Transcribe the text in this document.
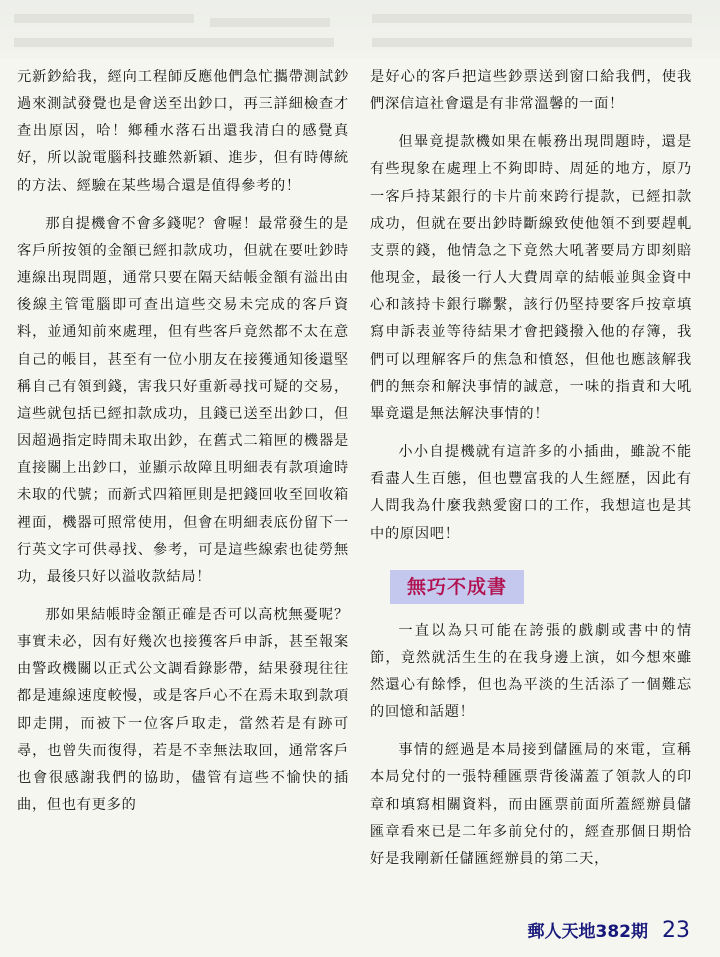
元新鈔給我，經向工程師反應他們急忙攜帶測試鈔過來測試發覺也是會送至出鈔口，再三詳細檢查才查出原因，哈！鄉種水落石出還我清白的感覺真好，所以說電腦科技雖然新穎、進步，但有時傳統的方法、經驗在某些場合還是值得參考的！

那自提機會不會多錢呢？會喔！最常發生的是客戶所按領的金額已經扣款成功，但就在要吐鈔時連線出現問題，通常只要在隔天結帳金額有溢出由後線主管電腦即可查出這些交易未完成的客戶資料，並通知前來處理，但有些客戶竟然都不太在意自己的帳目，甚至有一位小朋友在接獲通知後還堅稱自己有領到錢，害我只好重新尋找可疑的交易，這些就包括已經扣款成功，且錢已送至出鈔口，但因超過指定時間未取出鈔，在舊式二箱匣的機器是直接關上出鈔口，並顯示故障且明細表有款項逾時未取的代號；而新式四箱匣則是把錢回收至回收箱裡面，機器可照常使用，但會在明細表底份留下一行英文字可供尋找、參考，可是這些線索也徒勞無功，最後只好以溢收款結局！

那如果結帳時金額正確是否可以高枕無憂呢？事實未必，因有好幾次也接獲客戶申訴，甚至報案由警政機關以正式公文調看錄影帶，結果發現往往都是連線速度較慢，或是客戶心不在焉未取到款項即走開，而被下一位客戶取走，當然若是有跡可尋，也曾失而復得，若是不幸無法取回，通常客戶也會很感謝我們的協助，儘管有這些不愉快的插曲，但也有更多的

是好心的客戶把這些鈔票送到窗口給我們，使我們深信這社會還是有非常溫馨的一面！

但畢竟提款機如果在帳務出現問題時，還是有些現象在處理上不夠即時、周延的地方，原乃一客戶持某銀行的卡片前來跨行提款，已經扣款成功，但就在要出鈔時斷線致使他領不到要趕軋支票的錢，他情急之下竟然大吼著要局方即刻賠他現金，最後一行人大費周章的結帳並與金資中心和該持卡銀行聯繫，該行仍堅持要客戶按章填寫申訴表並等待結果才會把錢撥入他的存簿，我們可以理解客戶的焦急和憤怒，但他也應該解我們的無奈和解決事情的誠意，一味的指責和大吼畢竟還是無法解決事情的！

小小自提機就有這許多的小插曲，雖說不能看盡人生百態，但也豐富我的人生經歷，因此有人問我為什麼我熱愛窗口的工作，我想這也是其中的原因吧！

無巧不成書

一直以為只可能在誇張的戲劇或書中的情節，竟然就活生生的在我身邊上演，如今想來雖然還心有餘悸，但也為平淡的生活添了一個難忘的回憶和話題！

事情的經過是本局接到儲匯局的來電，宣稱本局兌付的一張特種匯票背後滿蓋了領款人的印章和填寫相關資料，而由匯票前面所蓋經辦員儲匯章看來已是二年多前兌付的，經查那個日期恰好是我剛新任儲匯經辦員的第二天，

郵人天地382期 23
